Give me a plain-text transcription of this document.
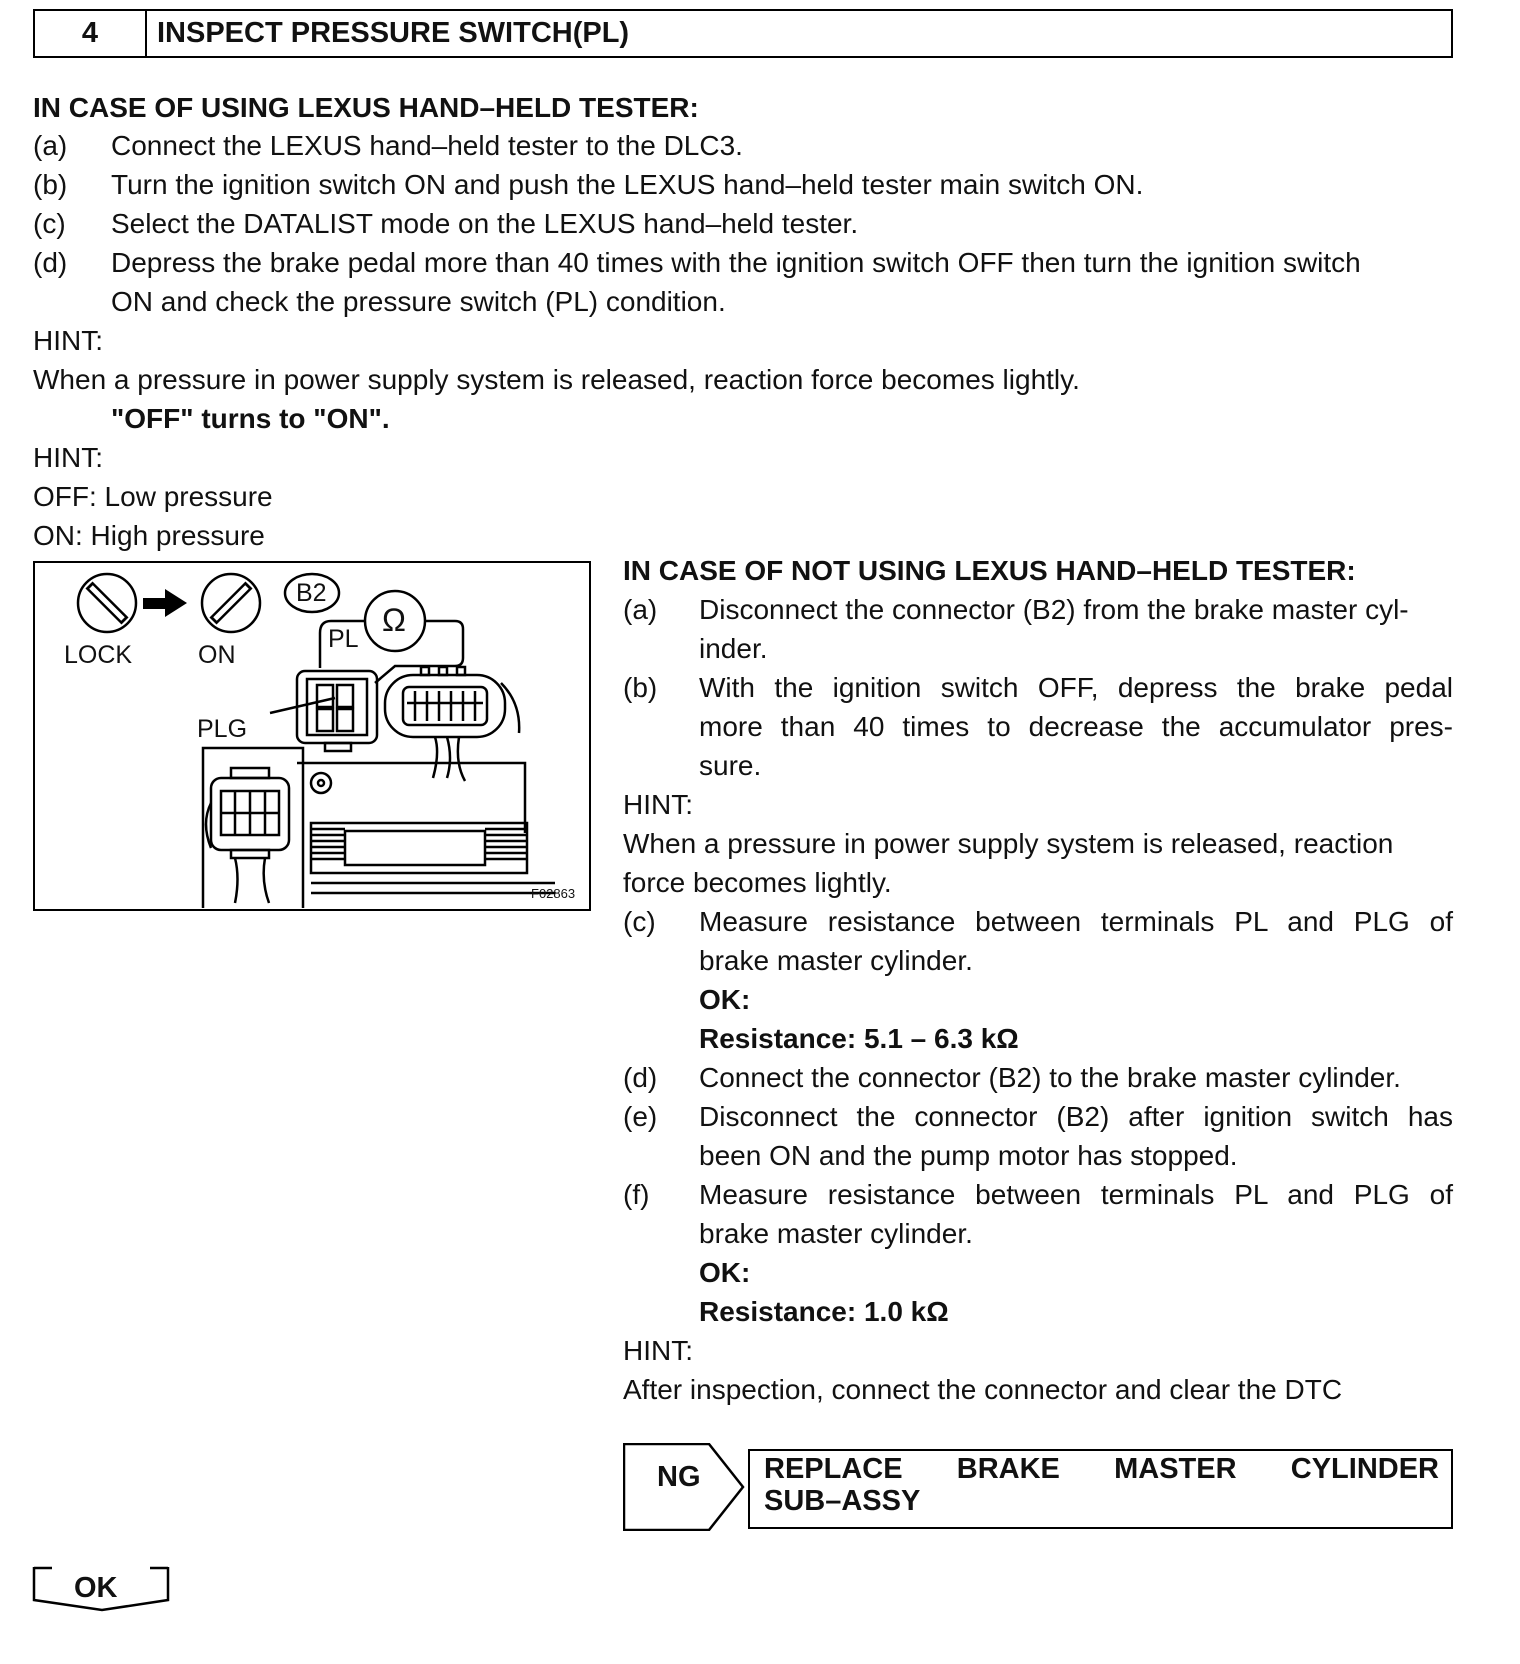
4	INSPECT PRESSURE SWITCH(PL)
IN CASE OF USING LEXUS HAND–HELD TESTER:
(a) Connect the LEXUS hand–held tester to the DLC3.
(b) Turn the ignition switch ON and push the LEXUS hand–held tester main switch ON.
(c) Select the DATALIST mode on the LEXUS hand–held tester.
(d) Depress the brake pedal more than 40 times with the ignition switch OFF then turn the ignition switch
ON and check the pressure switch (PL) condition.
HINT:
When a pressure in power supply system is released, reaction force becomes lightly.
"OFF" turns to "ON".
HINT:
OFF: Low pressure
ON: High pressure
LOCK	ON
B2
Ω
PL
PLG
F02863
IN CASE OF NOT USING LEXUS HAND–HELD TESTER:
(a) Disconnect the connector (B2) from the brake master cyl-
inder.
(b) With the ignition switch OFF, depress the brake pedal
more than 40 times to decrease the accumulator pres-
sure.
HINT:
When a pressure in power supply system is released, reaction
force becomes lightly.
(c) Measure resistance between terminals PL and PLG of
brake master cylinder.
OK:
Resistance: 5.1 – 6.3 kΩ
(d) Connect the connector (B2) to the brake master cylinder.
(e) Disconnect the connector (B2) after ignition switch has
been ON and the pump motor has stopped.
(f) Measure resistance between terminals PL and PLG of
brake master cylinder.
OK:
Resistance: 1.0 kΩ
HINT:
After inspection, connect the connector and clear the DTC
NG REPLACE BRAKE MASTER CYLINDER
SUB–ASSY
OK
